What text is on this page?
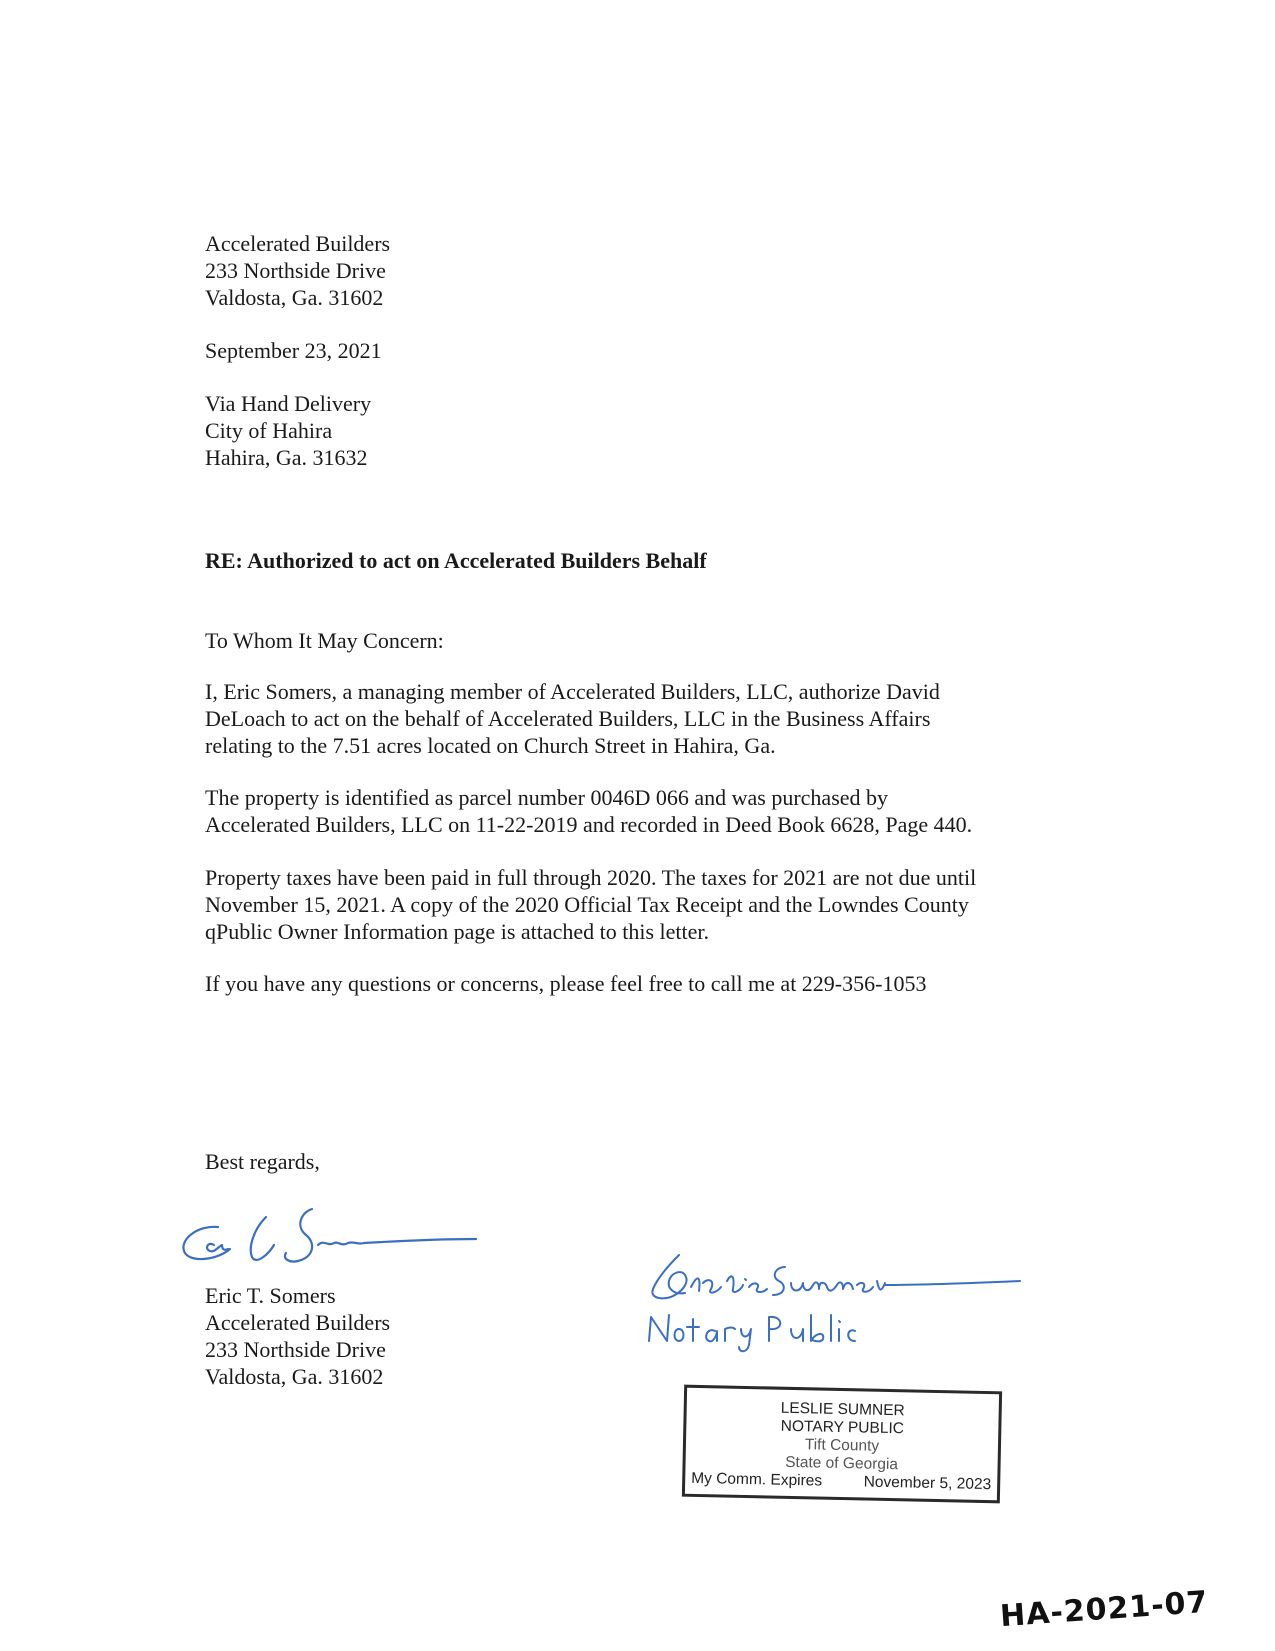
Accelerated Builders
233 Northside Drive
Valdosta, Ga. 31602
September 23, 2021
Via Hand Delivery
City of Hahira
Hahira, Ga. 31632
RE: Authorized to act on Accelerated Builders Behalf
To Whom It May Concern:
I, Eric Somers, a managing member of Accelerated Builders, LLC, authorize David
DeLoach to act on the behalf of Accelerated Builders, LLC in the Business Affairs
relating to the 7.51 acres located on Church Street in Hahira, Ga.
The property is identified as parcel number 0046D 066 and was purchased by
Accelerated Builders, LLC on 11-22-2019 and recorded in Deed Book 6628, Page 440.
Property taxes have been paid in full through 2020. The taxes for 2021 are not due until
November 15, 2021. A copy of the 2020 Official Tax Receipt and the Lowndes County
qPublic Owner Information page is attached to this letter.
If you have any questions or concerns, please feel free to call me at 229-356-1053
Best regards,
Eric T. Somers
Accelerated Builders
233 Northside Drive
Valdosta, Ga. 31602
LESLIE SUMNER
NOTARY PUBLIC
Tift County
State of Georgia
My Comm. Expires	November 5, 2023
HA-2021-07
